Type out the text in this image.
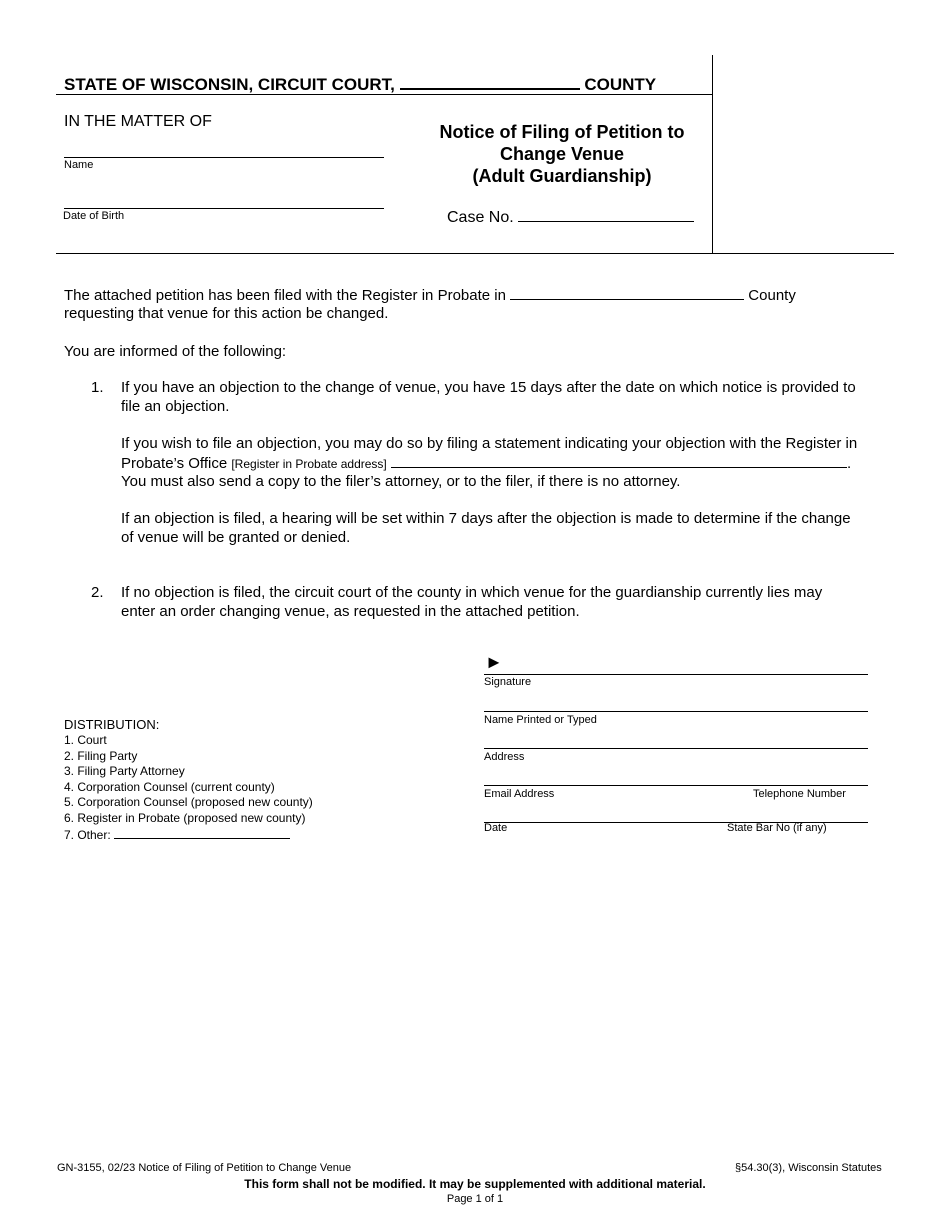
STATE OF WISCONSIN, CIRCUIT COURT,	COUNTY
IN THE MATTER OF
Name
Date of Birth
Notice of Filing of Petition to
Change Venue
(Adult Guardianship)
Case No.
The attached petition has been filed with the Register in Probate in	County
requesting that venue for this action be changed.
You are informed of the following:
1. If you have an objection to the change of venue, you have 15 days after the date on which notice is provided to
file an objection.
If you wish to file an objection, you may do so by filing a statement indicating your objection with the Register in
Probate’s Office [Register in Probate address]	.
You must also send a copy to the filer’s attorney, or to the filer, if there is no attorney.
If an objection is filed, a hearing will be set within 7 days after the objection is made to determine if the change
of venue will be granted or denied.
2. If no objection is filed, the circuit court of the county in which venue for the guardianship currently lies may
enter an order changing venue, as requested in the attached petition.
►
Signature
Name Printed or Typed
Address
Email Address	Telephone Number
Date	State Bar No (if any)
DISTRIBUTION:
1. Court
2. Filing Party
3. Filing Party Attorney
4. Corporation Counsel (current county)
5. Corporation Counsel (proposed new county)
6. Register in Probate (proposed new county)
7. Other:
GN-3155, 02/23 Notice of Filing of Petition to Change Venue	§54.30(3), Wisconsin Statutes
This form shall not be modified. It may be supplemented with additional material.
Page 1 of 1
